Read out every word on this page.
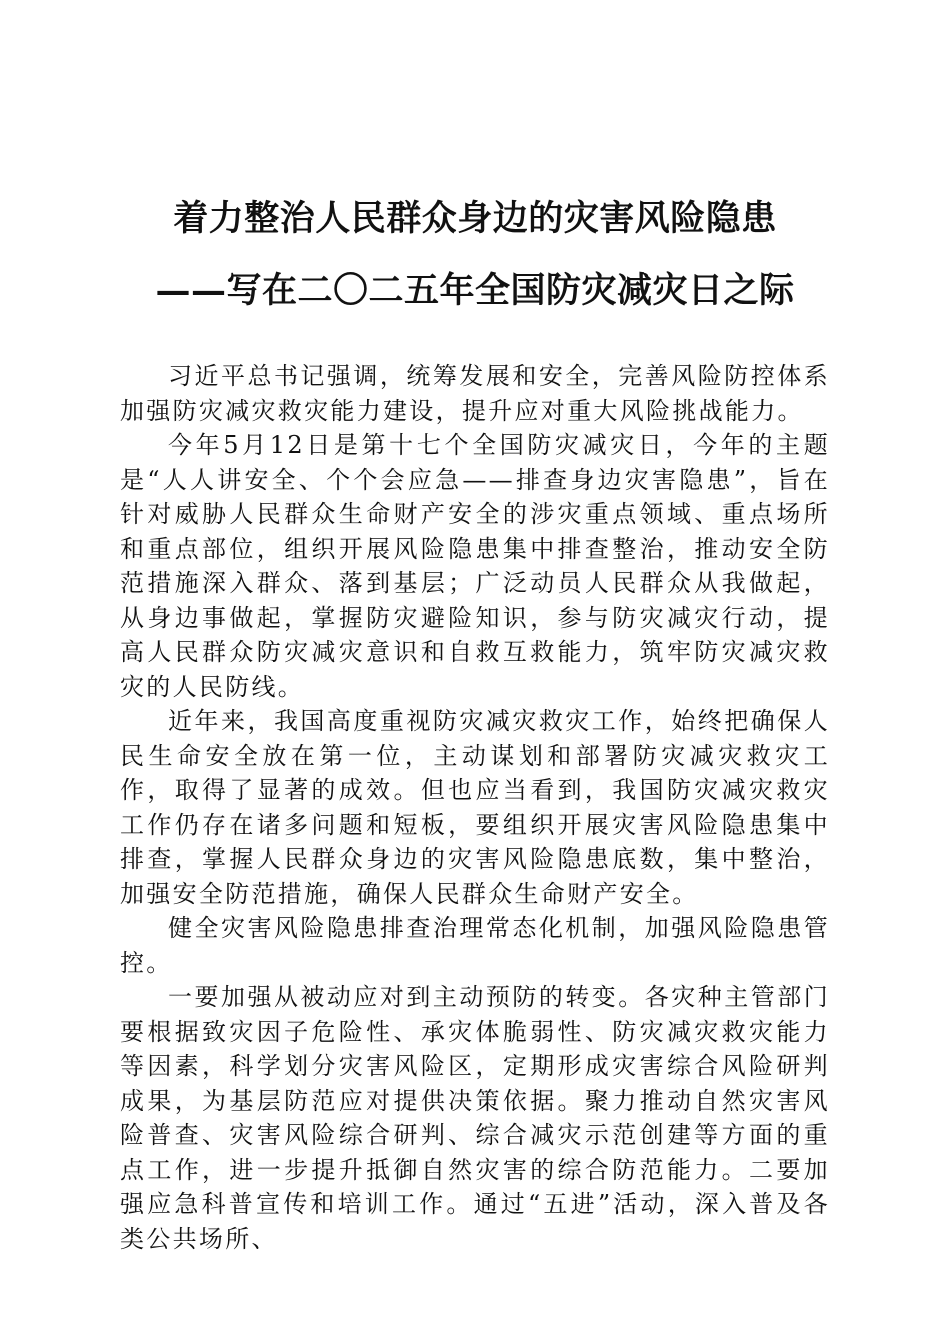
着力整治人民群众身边的灾害风险隐患
——写在二〇二五年全国防灾减灾日之际

习近平总书记强调，统筹发展和安全，完善风险防控体系加强防灾减灾救灾能力建设，提升应对重大风险挑战能力。

今年5月12日是第十七个全国防灾减灾日，今年的主题是“人人讲安全、个个会应急——排查身边灾害隐患”，旨在针对威胁人民群众生命财产安全的涉灾重点领域、重点场所和重点部位，组织开展风险隐患集中排查整治，推动安全防范措施深入群众、落到基层；广泛动员人民群众从我做起，从身边事做起，掌握防灾避险知识，参与防灾减灾行动，提高人民群众防灾减灾意识和自救互救能力，筑牢防灾减灾救灾的人民防线。

近年来，我国高度重视防灾减灾救灾工作，始终把确保人民生命安全放在第一位，主动谋划和部署防灾减灾救灾工作，取得了显著的成效。但也应当看到，我国防灾减灾救灾工作仍存在诸多问题和短板，要组织开展灾害风险隐患集中排查，掌握人民群众身边的灾害风险隐患底数，集中整治，加强安全防范措施，确保人民群众生命财产安全。

健全灾害风险隐患排查治理常态化机制，加强风险隐患管控。

一要加强从被动应对到主动预防的转变。各灾种主管部门要根据致灾因子危险性、承灾体脆弱性、防灾减灾救灾能力等因素，科学划分灾害风险区，定期形成灾害综合风险研判成果，为基层防范应对提供决策依据。聚力推动自然灾害风险普查、灾害风险综合研判、综合减灾示范创建等方面的重点工作，进一步提升抵御自然灾害的综合防范能力。二要加强应急科普宣传和培训工作。通过“五进”活动，深入普及各类公共场所、
